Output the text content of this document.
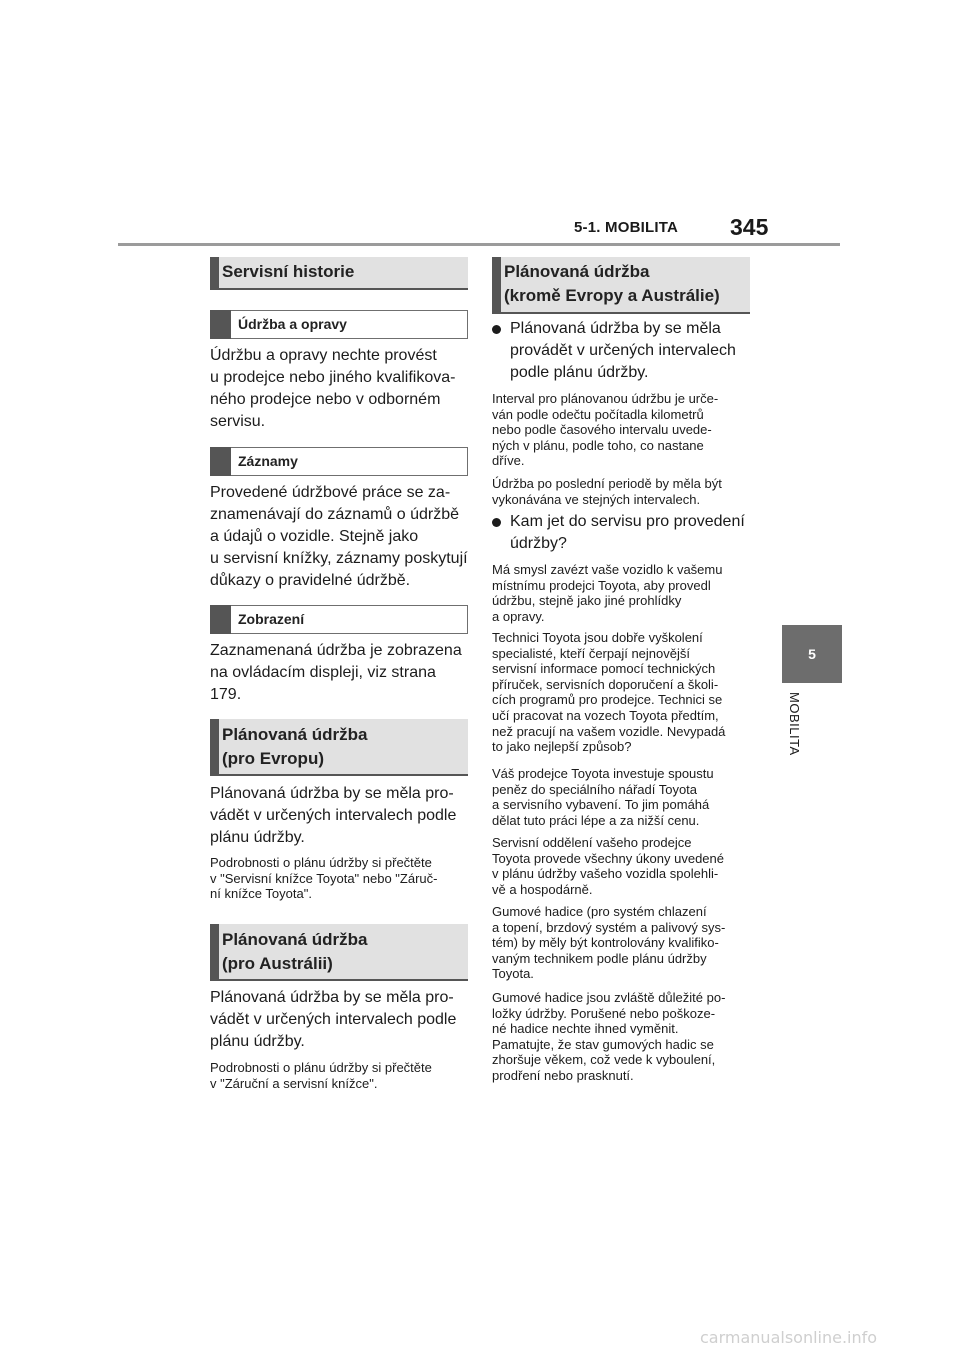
5-1. MOBILITA 345
5
MOBILITA
Servisní historie
Údržba a opravy
Údržbu a opravy nechte provést
u prodejce nebo jiného kvalifikova-
ného prodejce nebo v odborném
servisu.
Záznamy
Provedené údržbové práce se za-
znamenávají do záznamů o údržbě
a údajů o vozidle. Stejně jako
u servisní knížky, záznamy poskytují
důkazy o pravidelné údržbě.
Zobrazení
Zaznamenaná údržba je zobrazena
na ovládacím displeji, viz strana
179.
Plánovaná údržba
(pro Evropu)
Plánovaná údržba by se měla pro-
vádět v určených intervalech podle
plánu údržby.
Podrobnosti o plánu údržby si přečtěte
v "Servisní knížce Toyota" nebo "Záruč-
ní knížce Toyota".
Plánovaná údržba
(pro Austrálii)
Plánovaná údržba by se měla pro-
vádět v určených intervalech podle
plánu údržby.
Podrobnosti o plánu údržby si přečtěte
v "Záruční a servisní knížce".
Plánovaná údržba
(kromě Evropy a Austrálie)
Plánovaná údržba by se měla
provádět v určených intervalech
podle plánu údržby.
Interval pro plánovanou údržbu je urče-
ván podle odečtu počítadla kilometrů
nebo podle časového intervalu uvede-
ných v plánu, podle toho, co nastane
dříve.
Údržba po poslední periodě by měla být
vykonávána ve stejných intervalech.
Kam jet do servisu pro provedení
údržby?
Má smysl zavézt vaše vozidlo k vašemu
místnímu prodejci Toyota, aby provedl
údržbu, stejně jako jiné prohlídky
a opravy.
Technici Toyota jsou dobře vyškolení
specialisté, kteří čerpají nejnovější
servisní informace pomocí technických
příruček, servisních doporučení a školi-
cích programů pro prodejce. Technici se
učí pracovat na vozech Toyota předtím,
než pracují na vašem vozidle. Nevypadá
to jako nejlepší způsob?
Váš prodejce Toyota investuje spoustu
peněz do speciálního nářadí Toyota
a servisního vybavení. To jim pomáhá
dělat tuto práci lépe a za nižší cenu.
Servisní oddělení vašeho prodejce
Toyota provede všechny úkony uvedené
v plánu údržby vašeho vozidla spolehli-
vě a hospodárně.
Gumové hadice (pro systém chlazení
a topení, brzdový systém a palivový sys-
tém) by měly být kontrolovány kvalifiko-
vaným technikem podle plánu údržby
Toyota.
Gumové hadice jsou zvláště důležité po-
ložky údržby. Porušené nebo poškoze-
né hadice nechte ihned vyměnit.
Pamatujte, že stav gumových hadic se
zhoršuje věkem, což vede k vyboulení,
prodření nebo prasknutí.
carmanualsonline.info
